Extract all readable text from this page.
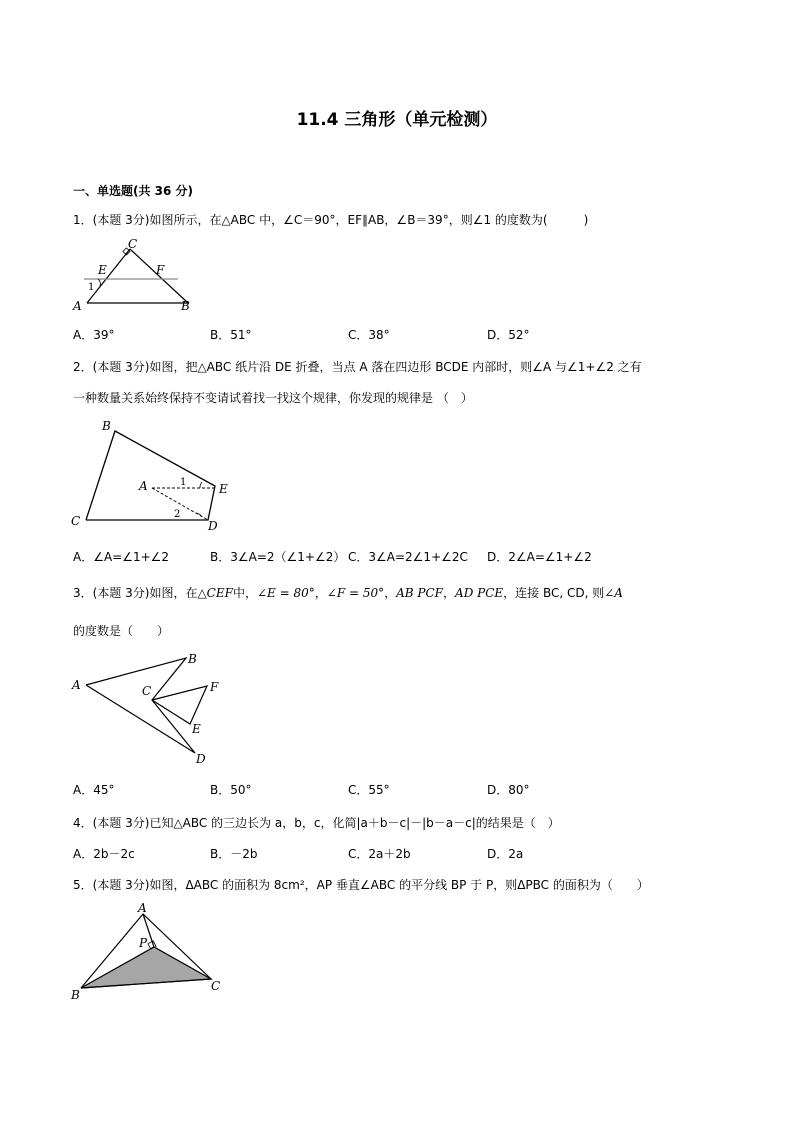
11.4 三角形（单元检测）
一、单选题(共 36 分)
1．(本题 3分)如图所示，在△ABC 中，∠C＝90°，EF∥AB，∠B＝39°，则∠1 的度数为(　　　)
C
E	F
A	B
1
A．39°	B．51°	C．38°	D．52°
2．(本题 3分)如图，把△ABC 纸片沿 DE 折叠，当点 A 落在四边形 BCDE 内部时，则∠A 与∠1+∠2 之有
一种数量关系始终保持不变请试着找一找这个规律，你发现的规律是 （　）
B
A	1	E
2
C	D
A．∠A=∠1+∠2	B．3∠A=2（∠1+∠2） C．3∠A=2∠1+∠2C D．2∠A=∠1+∠2
3．(本题 3分)如图，在△CEF中，∠E = 80°，∠F = 50°，AB PCF，AD PCE，连接 BC, CD, 则∠A
的度数是（　　）
A
B
C	F
E
D
A．45°	B．50°	C．55°	D．80°
4．(本题 3分)已知△ABC 的三边长为 a，b，c，化简|a＋b－c|－|b－a－c|的结果是（　）
A．2b－2c	B．－2b	C．2a＋2b	D．2a
5．(本题 3分)如图，ΔABC 的面积为 8cm²，AP 垂直∠ABC 的平分线 BP 于 P，则ΔPBC 的面积为（　　）
A
P
B
C
